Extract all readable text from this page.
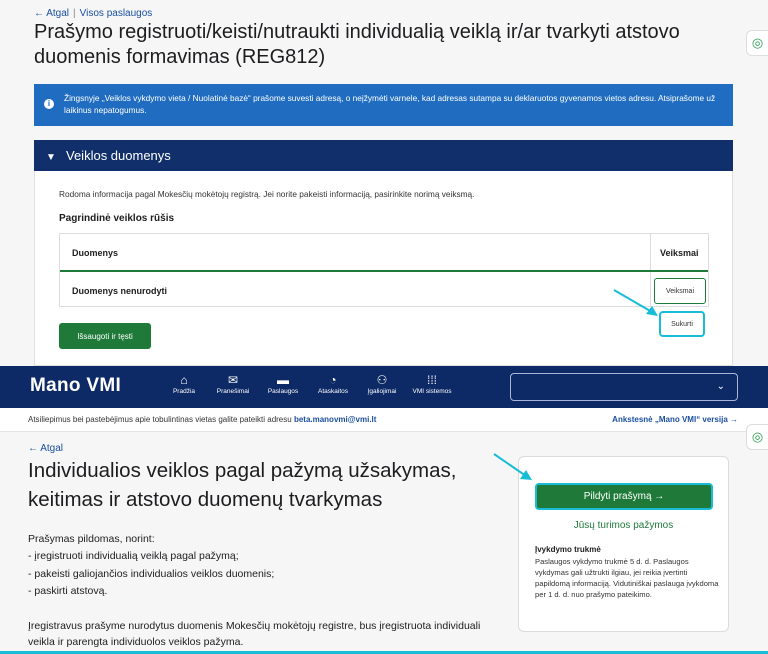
← Atgal | Visos paslaugos
Prašymo registruoti/keisti/nutraukti individualią veiklą ir/ar tvarkyti atstovo duomenis formavimas (REG812)
◎
i
Žingsnyje „Veiklos vykdymo vieta / Nuolatinė bazė“ prašome suvesti adresą, o neįžymėti varnele, kad adresas sutampa su deklaruotos gyvenamos vietos adresu. Atsiprašome už laikinus nepatogumus.
▼ Veiklos duomenys
Rodoma informacija pagal Mokesčių mokėtojų registrą. Jei norite pakeisti informaciją, pasirinkite norimą veiksmą.
Pagrindinė veiklos rūšis
Duomenys	Veiksmai
Duomenys nenurodyti	Veiksmai
Sukurti
Išsaugoti ir tęsti
Mano VMI	⌂
Pradžia
✉
Pranešimai
▬
Paslaugos
◔
Ataskaitos
⚇
Įgaliojimai
⁞⁞⁞
VMI sistemos	⌄
Atsiliepimus bei pastebėjimus apie tobulintinas vietas galite pateikti adresu beta.manovmi@vmi.lt	Ankstesnė „Mano VMI“ versija →
◎
← Atgal
Individualios veiklos pagal pažymą užsakymas, keitimas ir atstovo duomenų tvarkymas
Prašymas pildomas, norint:
- įregistruoti individualią veiklą pagal pažymą;
- pakeisti galiojančios individualios veiklos duomenis;
- paskirti atstovą.
Įregistravus prašyme nurodytus duomenis Mokesčių mokėtojų registre, bus įregistruota individuali veikla ir parengta individuolos veiklos pažyma.
Pildyti prašymą →
Jūsų turimos pažymos
Įvykdymo trukmė
Paslaugos vykdymo trukmė 5 d. d. Paslaugos vykdymas gali užtrukti ilgiau, jei reikia įvertinti papildomą informaciją. Vidutiniškai paslauga įvykdoma per 1 d. d. nuo prašymo pateikimo.
